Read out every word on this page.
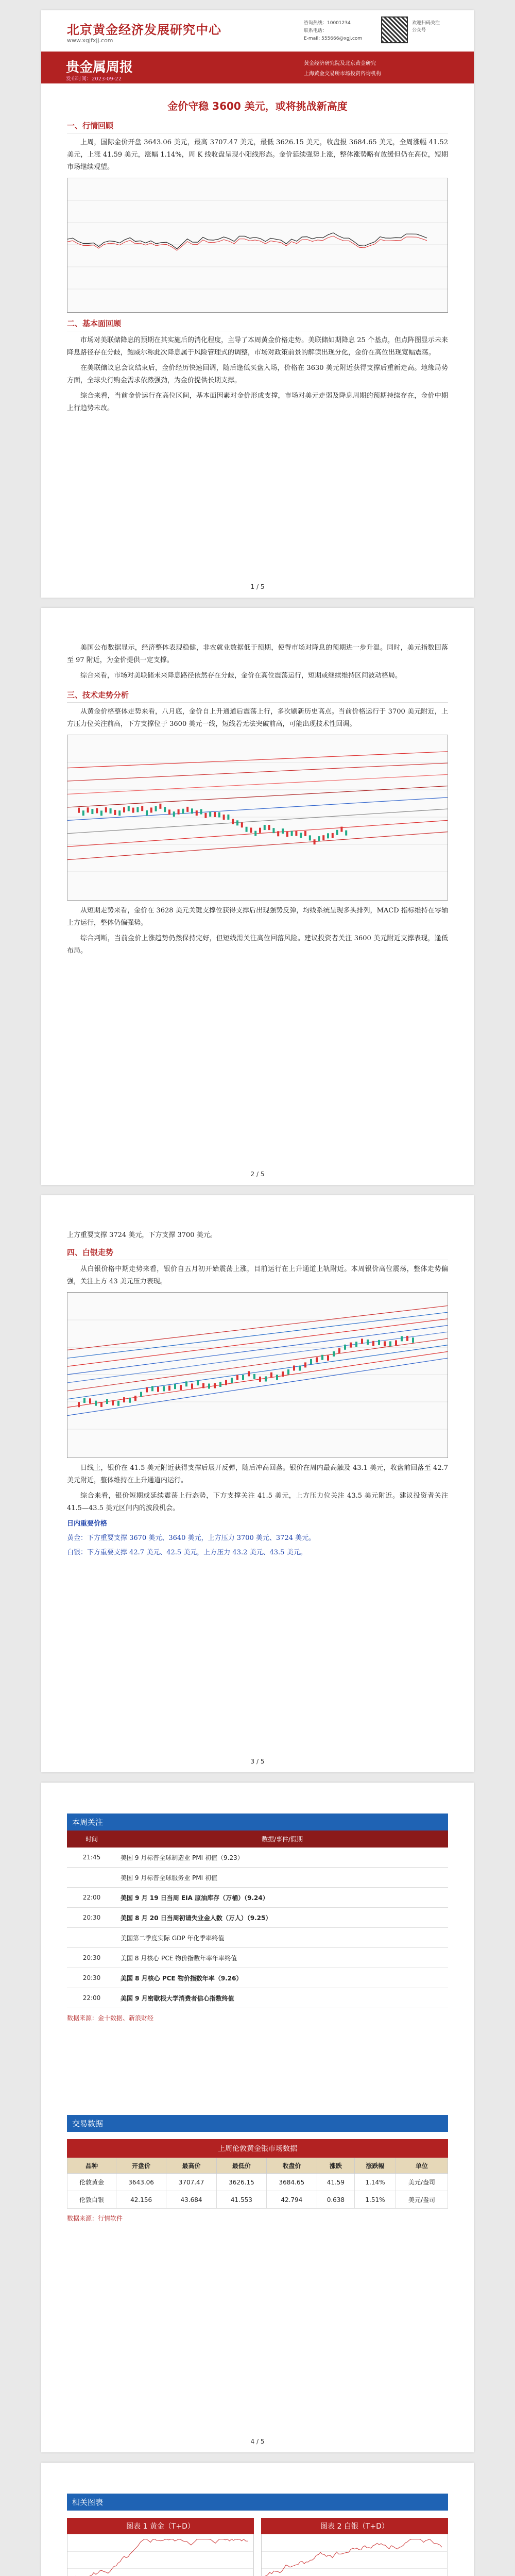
北京黄金经济发展研究中心
www.xgjfxjj.com
咨询热线：10001234
联系电话：
E-mail: 555666@xgj.com
欢迎扫码关注
公众号
贵金属周报
发布时间：2023-09-22
黄金经济研究院及北京黄金研究
上海黄金交易所市场投资咨询机构
金价守稳 3600 美元，或将挑战新高度
一、行情回顾

上周，国际金价开盘 3643.06 美元，最高 3707.47 美元，最低 3626.15 美元，收盘报 3684.65 美元，全周涨幅 41.52 美元，上涨 41.59 美元，涨幅 1.14%，周 K 线收盘呈现小阳线形态。金价延续强势上涨，整体涨势略有放缓但仍在高位，短期市场继续观望。

二、基本面回顾

市场对美联储降息的预期在其实施后的消化程度，主导了本周黄金价格走势。美联储如期降息 25 个基点，但点阵图显示未来降息路径存在分歧，鲍威尔称此次降息属于风险管理式的调整，市场对政策前景的解读出现分化，金价在高位出现宽幅震荡。

在美联储议息会议结束后，金价经历快速回调，随后逢低买盘入场，价格在 3630 美元附近获得支撑后重新走高。地缘局势方面，全球央行购金需求依然强劲，为金价提供长期支撑。

综合来看，当前金价运行在高位区间，基本面因素对金价形成支撑，市场对美元走弱及降息周期的预期持续存在，金价中期上行趋势未改。

1 / 5

美国公布数据显示，经济整体表现稳健，非农就业数据低于预期，使得市场对降息的预期进一步升温。同时，美元指数回落至 97 附近，为金价提供一定支撑。

综合来看，市场对美联储未来降息路径依然存在分歧，金价在高位震荡运行，短期或继续维持区间波动格局。

三、技术走势分析

从黄金价格整体走势来看，八月底，金价自上升通道后震荡上行，多次刷新历史高点。当前价格运行于 3700 美元附近，上方压力位关注前高，下方支撑位于 3600 美元一线，短线若无法突破前高，可能出现技术性回调。

从短期走势来看，金价在 3628 美元关键支撑位获得支撑后出现强势反弹，均线系统呈现多头排列，MACD 指标维持在零轴上方运行，整体仍偏强势。

综合判断，当前金价上涨趋势仍然保持完好，但短线需关注高位回落风险。建议投资者关注 3600 美元附近支撑表现，逢低布局。

2 / 5

上方重要支撑 3724 美元，下方支撑 3700 美元。

四、白银走势

从白银价格中期走势来看，银价自五月初开始震荡上涨，目前运行在上升通道上轨附近。本周银价高位震荡，整体走势偏强，关注上方 43 美元压力表现。

日线上，银价在 41.5 美元附近获得支撑后展开反弹，随后冲高回落。银价在周内最高触及 43.1 美元，收盘前回落至 42.7 美元附近，整体维持在上升通道内运行。

综合来看，银价短期或延续震荡上行态势，下方支撑关注 41.5 美元，上方压力位关注 43.5 美元附近。建议投资者关注 41.5—43.5 美元区间内的波段机会。

日内重要价格
黄金：下方重要支撑 3670 美元、3640 美元，上方压力 3700 美元、3724 美元。
白银：下方重要支撑 42.7 美元、42.5 美元，上方压力 43.2 美元、43.5 美元。
3 / 5
本周关注
时间	数据/事件/假期
21:45	美国 9 月标普全球制造业 PMI 初值（9.23）
	美国 9 月标普全球服务业 PMI 初值
22:00	美国 9 月 19 日当周 EIA 原油库存（万桶）（9.24）
20:30	美国 8 月 20 日当周初请失业金人数（万人）（9.25）
	美国第二季度实际 GDP 年化季率终值
20:30	美国 8 月核心 PCE 物价指数年率年率终值
20:30	美国 8 月核心 PCE 物价指数年率（9.26）
22:00	美国 9 月密歇根大学消费者信心指数终值
数据来源：金十数据、新浪财经
交易数据
上周伦敦黄金银市场数据
品种	开盘价	最高价	最低价	收盘价	涨跌	涨跌幅	单位
伦敦黄金	3643.06	3707.47	3626.15	3684.65	41.59	1.14%	美元/盎司
伦敦白银	42.156	43.684	41.553	42.794	0.638	1.51%	美元/盎司
数据来源：行情软件
4 / 5
相关图表
图表 1 黄金（T+D）	图表 2 白银（T+D）
